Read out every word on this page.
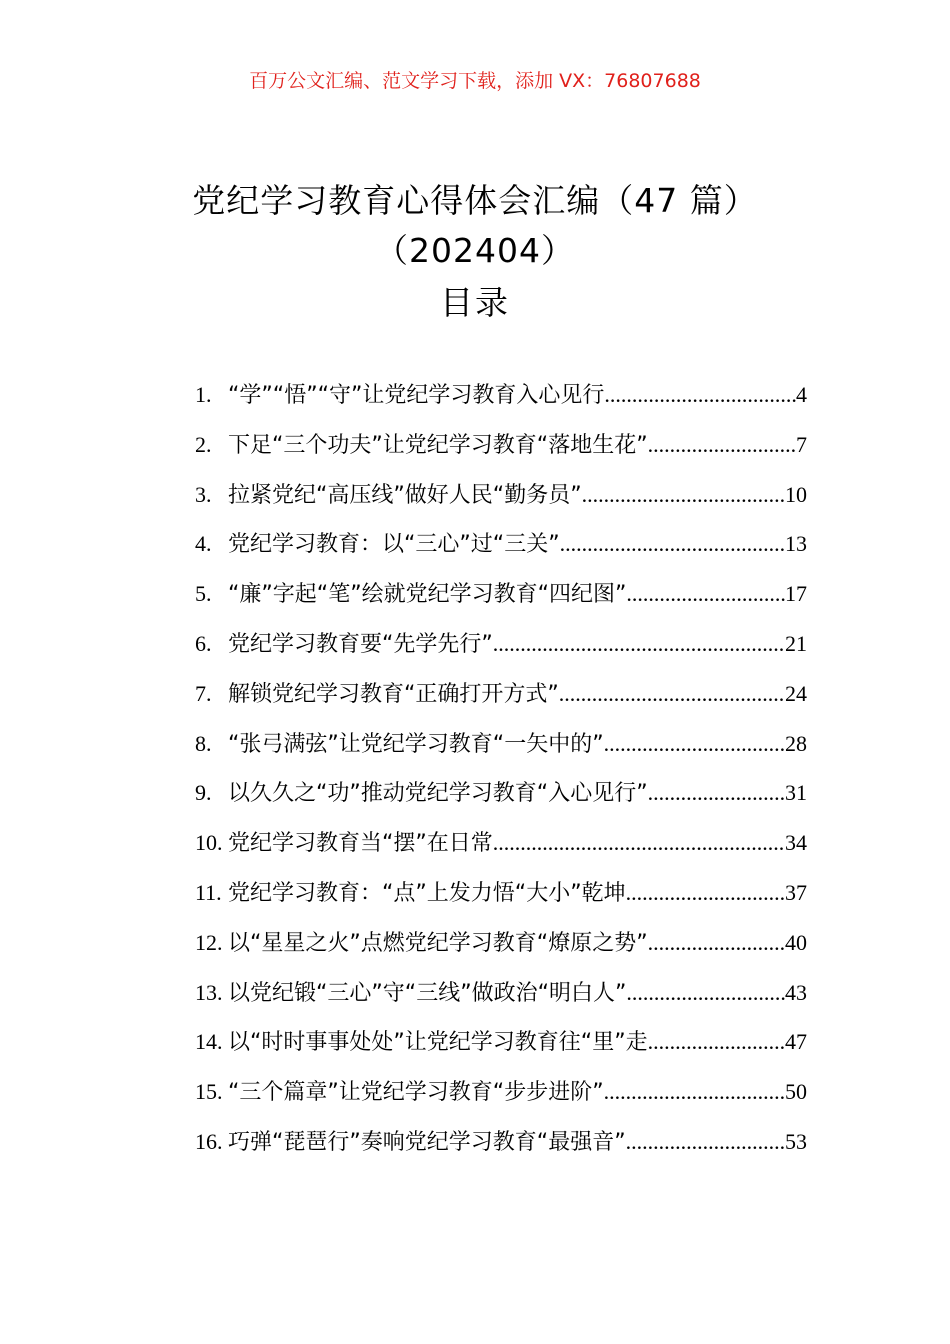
百万公文汇编、范文学习下载，添加 VX：76807688
党纪学习教育心得体会汇编（47 篇）（202404）
目录
1. “学”“悟”“守”让党纪学习教育入心见行 .....	4
2. 下足“三个功夫”让党纪学习教育“落地生花” .....	7
3. 拉紧党纪“高压线”做好人民“勤务员” .....	10
4. 党纪学习教育：以“三心”过“三关” .....	13
5. “廉”字起“笔”绘就党纪学习教育“四纪图” .....	17
6. 党纪学习教育要“先学先行” .....	21
7. 解锁党纪学习教育“正确打开方式” .....	24
8. “张弓满弦”让党纪学习教育“一矢中的” .....	28
9. 以久久之“功”推动党纪学习教育“入心见行” .....	31
10. 党纪学习教育当“摆”在日常 .....	34
11. 党纪学习教育：“点”上发力悟“大小”乾坤 .....	37
12. 以“星星之火”点燃党纪学习教育“燎原之势” .....	40
13. 以党纪锻“三心”守“三线”做政治“明白人” .....	43
14. 以“时时事事处处”让党纪学习教育往“里”走 .....	47
15. “三个篇章”让党纪学习教育“步步进阶” .....	50
16. 巧弹“琵琶行”奏响党纪学习教育“最强音” .....	53
